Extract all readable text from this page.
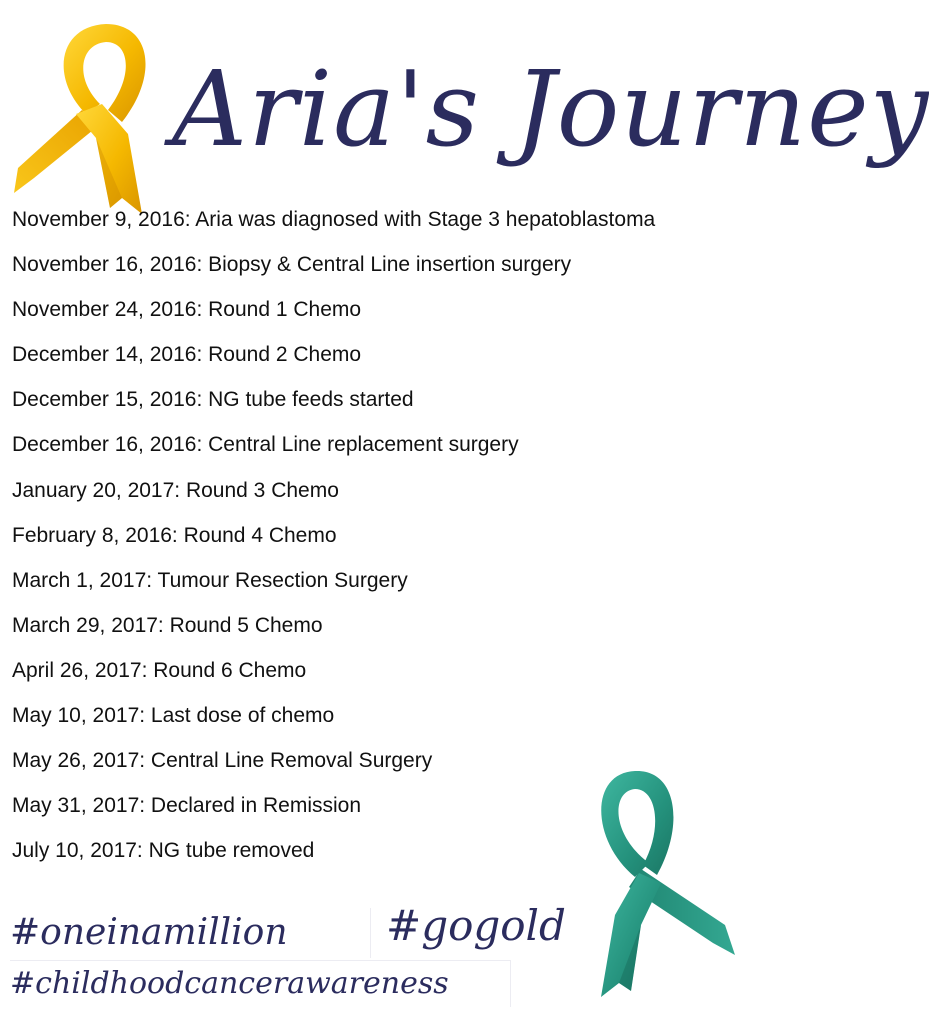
Aria's Journey
November 9, 2016: Aria was diagnosed with Stage 3 hepatoblastoma
November 16, 2016: Biopsy & Central Line insertion surgery
November 24, 2016: Round 1 Chemo
December 14, 2016: Round 2 Chemo
December 15, 2016: NG tube feeds started
December 16, 2016: Central Line replacement surgery
January 20, 2017: Round 3 Chemo
February 8, 2016: Round 4 Chemo
March 1, 2017: Tumour Resection Surgery
March 29, 2017: Round 5 Chemo
April 26, 2017: Round 6 Chemo
May 10, 2017: Last dose of chemo
May 26, 2017: Central Line Removal Surgery
May 31, 2017: Declared in Remission
July 10, 2017: NG tube removed
#oneinamillion	#gogold
#childhoodcancerawareness
